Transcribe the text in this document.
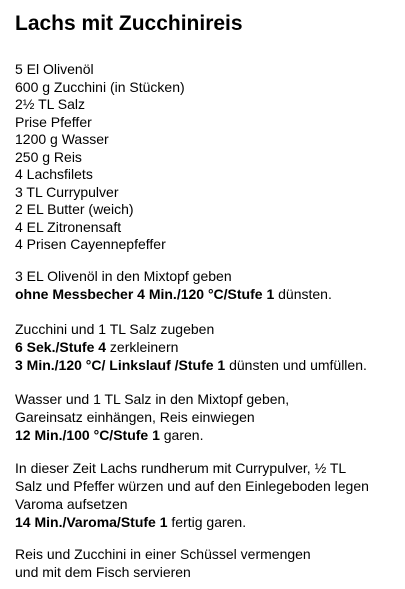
Lachs mit Zucchinireis
5 El Olivenöl
600 g Zucchini (in Stücken)
2½ TL Salz
Prise Pfeffer
1200 g Wasser
250 g Reis
4 Lachsfilets
3 TL Currypulver
2 EL Butter (weich)
4 EL Zitronensaft
4 Prisen Cayennepfeffer
3 EL Olivenöl in den Mixtopf geben
ohne Messbecher 4 Min./120 °C/Stufe 1 dünsten.
Zucchini und 1 TL Salz zugeben
6 Sek./Stufe 4 zerkleinern
3 Min./120 °C/ Linkslauf /Stufe 1 dünsten und umfüllen.
Wasser und 1 TL Salz in den Mixtopf geben,
Gareinsatz einhängen, Reis einwiegen
12 Min./100 °C/Stufe 1 garen.
In dieser Zeit Lachs rundherum mit Currypulver, ½ TL
Salz und Pfeffer würzen und auf den Einlegeboden legen
Varoma aufsetzen
14 Min./Varoma/Stufe 1 fertig garen.
Reis und Zucchini in einer Schüssel vermengen
und mit dem Fisch servieren
